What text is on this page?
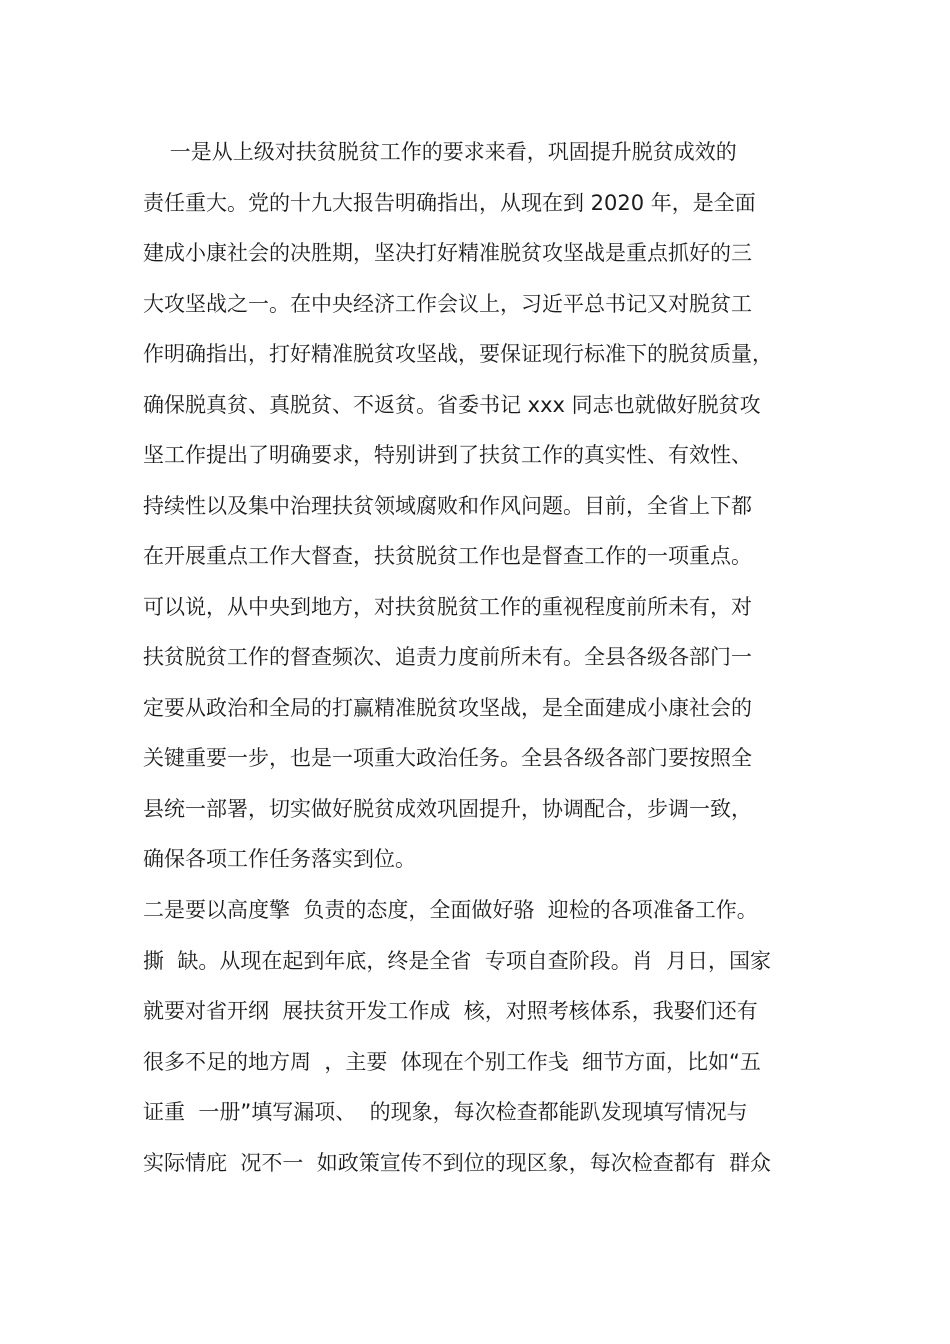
一是从上级对扶贫脱贫工作的要求来看，巩固提升脱贫成效的
责任重大。党的十九大报告明确指出，从现在到 2020 年，是全面
建成小康社会的决胜期，坚决打好精准脱贫攻坚战是重点抓好的三
大攻坚战之一。在中央经济工作会议上，习近平总书记又对脱贫工
作明确指出，打好精准脱贫攻坚战，要保证现行标准下的脱贫质量，
确保脱真贫、真脱贫、不返贫。省委书记 xxx 同志也就做好脱贫攻
坚工作提出了明确要求，特别讲到了扶贫工作的真实性、有效性、
持续性以及集中治理扶贫领域腐败和作风问题。目前，全省上下都
在开展重点工作大督查，扶贫脱贫工作也是督查工作的一项重点。
可以说，从中央到地方，对扶贫脱贫工作的重视程度前所未有，对
扶贫脱贫工作的督查频次、追责力度前所未有。全县各级各部门一
定要从政治和全局的打赢精准脱贫攻坚战，是全面建成小康社会的
关键重要一步，也是一项重大政治任务。全县各级各部门要按照全
县统一部署，切实做好脱贫成效巩固提升，协调配合，步调一致，
确保各项工作任务落实到位。
二是要以高度擎  负责的态度，全面做好骆  迎检的各项准备工作。
撕  缺。从现在起到年底，终是全省  专项自查阶段。肖  月日，国家
就要对省开纲  展扶贫开发工作成  核，对照考核体系，我娶们还有
很多不足的地方周  ，主要  体现在个别工作戋  细节方面，比如“五
证重  一册”填写漏项、  的现象，每次检查都能趴发现填写情况与
实际情庇  况不一  如政策宣传不到位的现区象，每次检查都有  群众
